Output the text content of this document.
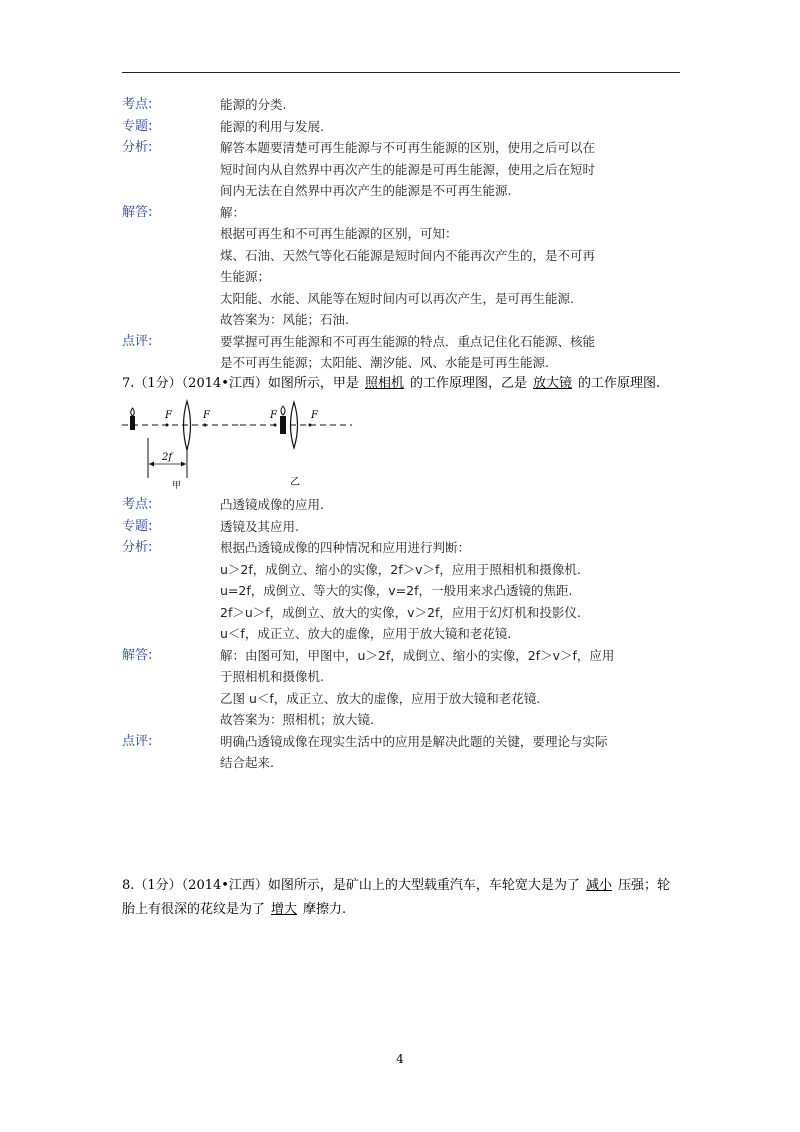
考点:	能源的分类.
专题:	能源的利用与发展.
分析:	解答本题要清楚可再生能源与不可再生能源的区别，使用之后可以在
短时间内从自然界中再次产生的能源是可再生能源，使用之后在短时
间内无法在自然界中再次产生的能源是不可再生能源.
解答:	解：
根据可再生和不可再生能源的区别，可知：
煤、石油、天然气等化石能源是短时间内不能再次产生的，是不可再
生能源；
太阳能、水能、风能等在短时间内可以再次产生，是可再生能源.
故答案为：风能；石油.
点评:	要掌握可再生能源和不可再生能源的特点．重点记住化石能源、核能
是不可再生能源；太阳能、潮汐能、风、水能是可再生能源.
7.（1分）（2014•江西）如图所示，甲是 照相机 的工作原理图，乙是 放大镜 的工作原理图.
F	F
2f
甲
F	F
乙
考点:	凸透镜成像的应用.
专题:	透镜及其应用.
分析:	根据凸透镜成像的四种情况和应用进行判断：
u＞2f，成倒立、缩小的实像，2f＞v＞f，应用于照相机和摄像机.
u=2f，成倒立、等大的实像，v=2f，一般用来求凸透镜的焦距.
2f＞u＞f，成倒立、放大的实像，v＞2f，应用于幻灯机和投影仪.
u＜f，成正立、放大的虚像，应用于放大镜和老花镜.
解答:	解：由图可知，甲图中，u＞2f，成倒立、缩小的实像，2f＞v＞f，应用
于照相机和摄像机.
乙图 u＜f，成正立、放大的虚像，应用于放大镜和老花镜.
故答案为：照相机；放大镜.
点评:	明确凸透镜成像在现实生活中的应用是解决此题的关键，要理论与实际
结合起来.
8.（1分）（2014•江西）如图所示，是矿山上的大型载重汽车，车轮宽大是为了 减小 压强；轮
胎上有很深的花纹是为了 增大 摩擦力.
4
